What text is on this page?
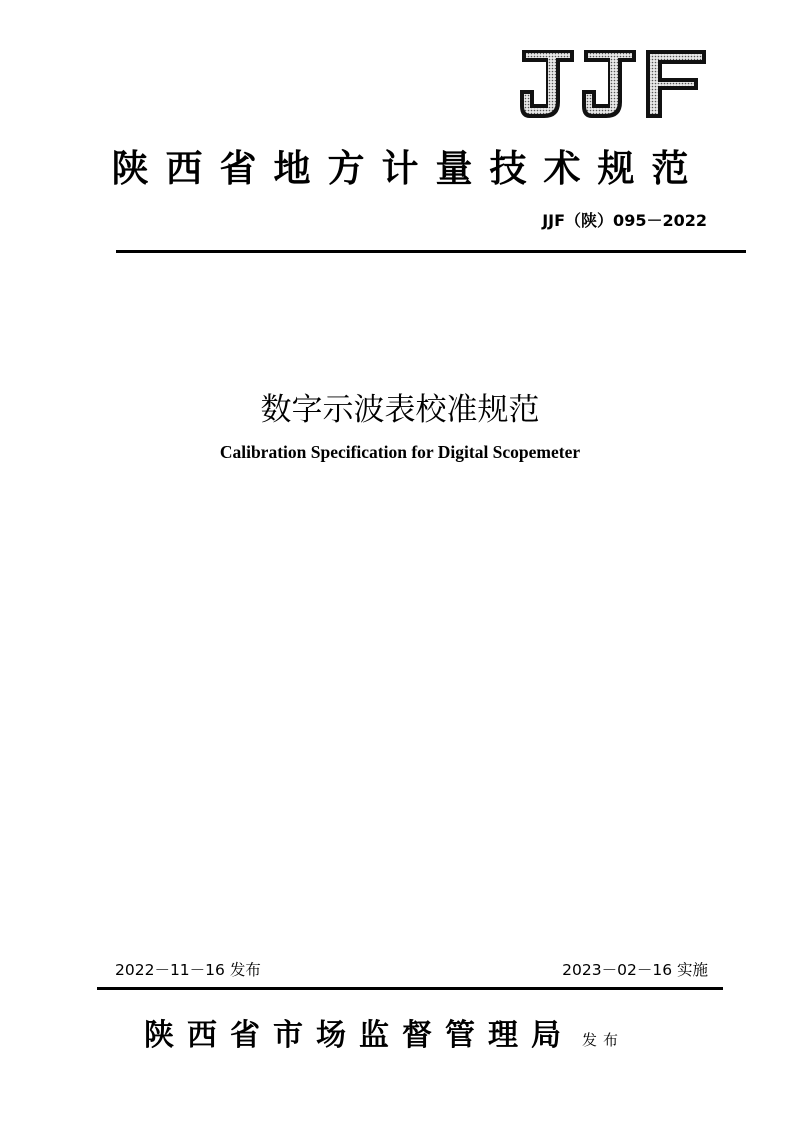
陕西省地方计量技术规范
JJF（陕）095－2022
数字示波表校准规范
Calibration Specification for Digital Scopemeter
2022－11－16 发布	2023－02－16 实施
陕西省市场监督管理局 发布
